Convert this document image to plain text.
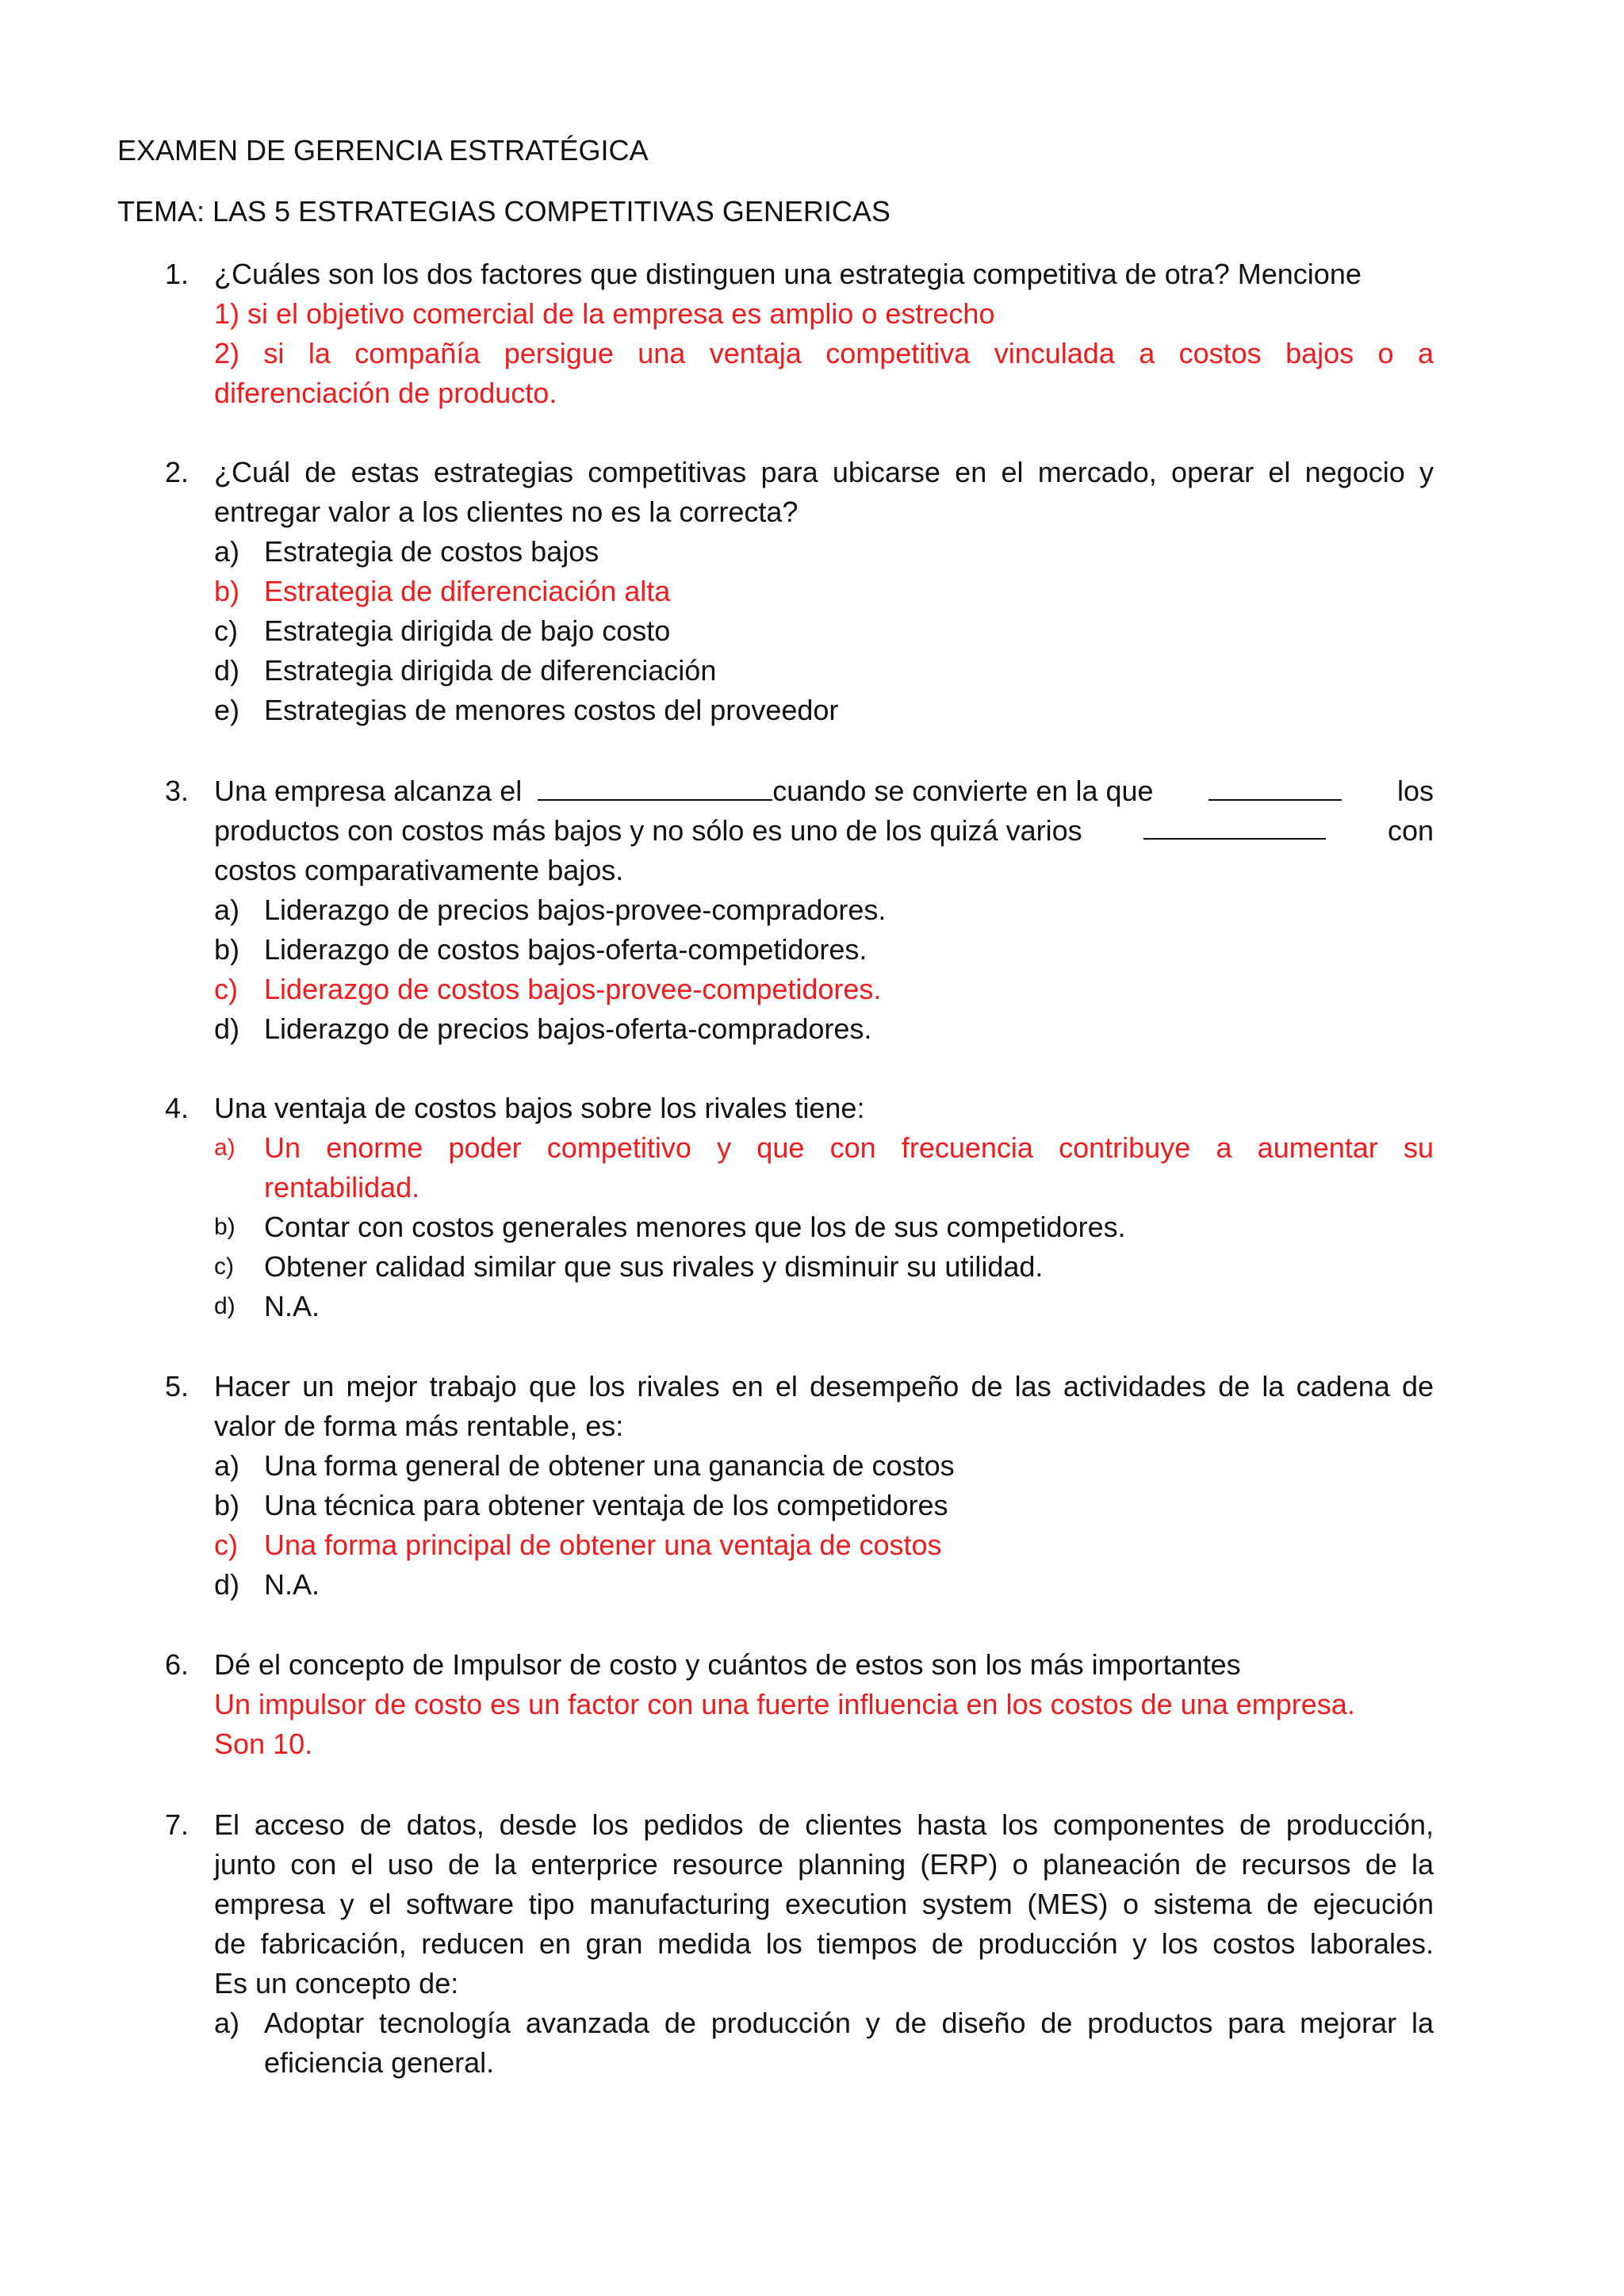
EXAMEN DE GERENCIA ESTRATÉGICA
TEMA: LAS 5 ESTRATEGIAS COMPETITIVAS GENERICAS
1. ¿Cuáles son los dos factores que distinguen una estrategia competitiva de otra? Mencione

1) si el objetivo comercial de la empresa es amplio o estrecho

2) si la compañía persigue una ventaja competitiva vinculada a costos bajos o a

diferenciación de producto.

2. ¿Cuál de estas estrategias competitivas para ubicarse en el mercado, operar el negocio y

entregar valor a los clientes no es la correcta?

a) Estrategia de costos bajos

b) Estrategia de diferenciación alta

c) Estrategia dirigida de bajo costo

d) Estrategia dirigida de diferenciación

e) Estrategias de menores costos del proveedor

3. Una empresa alcanza el	cuando se convierte en la que	los

productos con costos más bajos y no sólo es uno de los quizá varios	con

costos comparativamente bajos.

a) Liderazgo de precios bajos-provee-compradores.

b) Liderazgo de costos bajos-oferta-competidores.

c) Liderazgo de costos bajos-provee-competidores.

d) Liderazgo de precios bajos-oferta-compradores.

4. Una ventaja de costos bajos sobre los rivales tiene:

a) Un enorme poder competitivo y que con frecuencia contribuye a aumentar su
rentabilidad.

b) Contar con costos generales menores que los de sus competidores.

c) Obtener calidad similar que sus rivales y disminuir su utilidad.

d) N.A.

5. Hacer un mejor trabajo que los rivales en el desempeño de las actividades de la cadena de

valor de forma más rentable, es:

a) Una forma general de obtener una ganancia de costos

b) Una técnica para obtener ventaja de los competidores

c) Una forma principal de obtener una ventaja de costos

d) N.A.

6. Dé el concepto de Impulsor de costo y cuántos de estos son los más importantes

Un impulsor de costo es un factor con una fuerte influencia en los costos de una empresa.

Son 10.

7. El acceso de datos, desde los pedidos de clientes hasta los componentes de producción,

junto con el uso de la enterprice resource planning (ERP) o planeación de recursos de la

empresa y el software tipo manufacturing execution system (MES) o sistema de ejecución

de fabricación, reducen en gran medida los tiempos de producción y los costos laborales.

Es un concepto de:

a) Adoptar tecnología avanzada de producción y de diseño de productos para mejorar la
eficiencia general.
